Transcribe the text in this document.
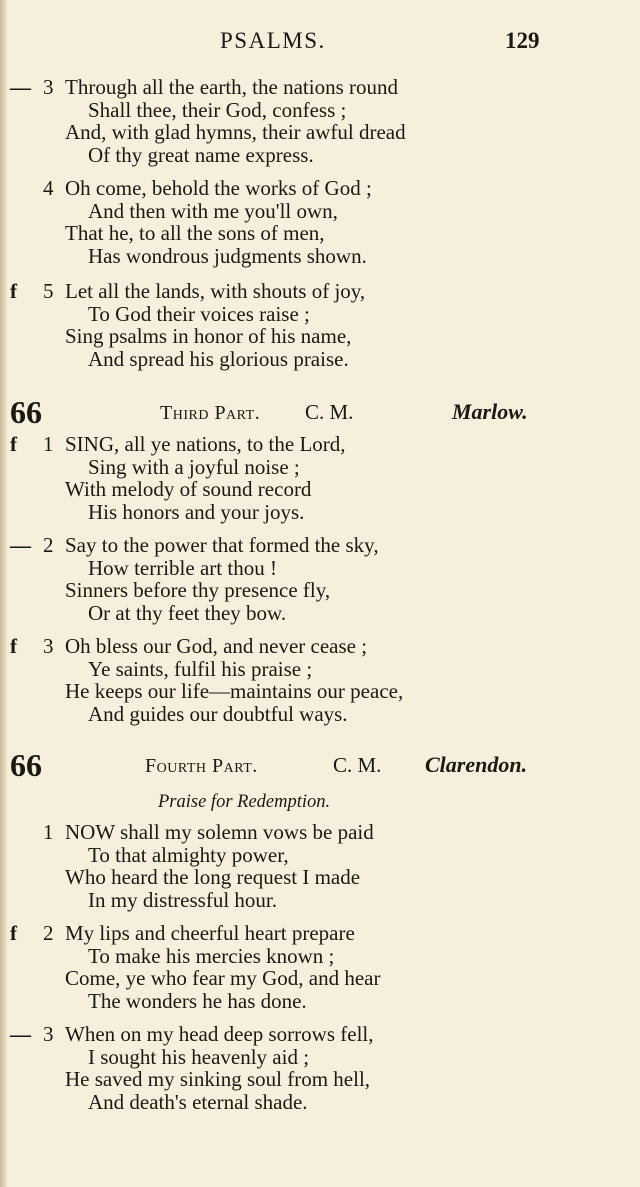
PSALMS.	129
— 3 Through all the earth, the nations round
Shall thee, their God, confess ;
And, with glad hymns, their awful dread
Of thy great name express.
4 Oh come, behold the works of God ;
And then with me you'll own,
That he, to all the sons of men,
Has wondrous judgments shown.
f 5 Let all the lands, with shouts of joy,
To God their voices raise ;
Sing psalms in honor of his name,
And spread his glorious praise.
66	Third Part. C. M.	Marlow.
f 1 SING, all ye nations, to the Lord,
Sing with a joyful noise ;
With melody of sound record
His honors and your joys.
— 2 Say to the power that formed the sky,
How terrible art thou !
Sinners before thy presence fly,
Or at thy feet they bow.
f 3 Oh bless our God, and never cease ;
Ye saints, fulfil his praise ;
He keeps our life—maintains our peace,
And guides our doubtful ways.
66	Fourth Part.	C. M. Clarendon.
Praise for Redemption.
1 NOW shall my solemn vows be paid
To that almighty power,
Who heard the long request I made
In my distressful hour.
f 2 My lips and cheerful heart prepare
To make his mercies known ;
Come, ye who fear my God, and hear
The wonders he has done.
— 3 When on my head deep sorrows fell,
I sought his heavenly aid ;
He saved my sinking soul from hell,
And death's eternal shade.
